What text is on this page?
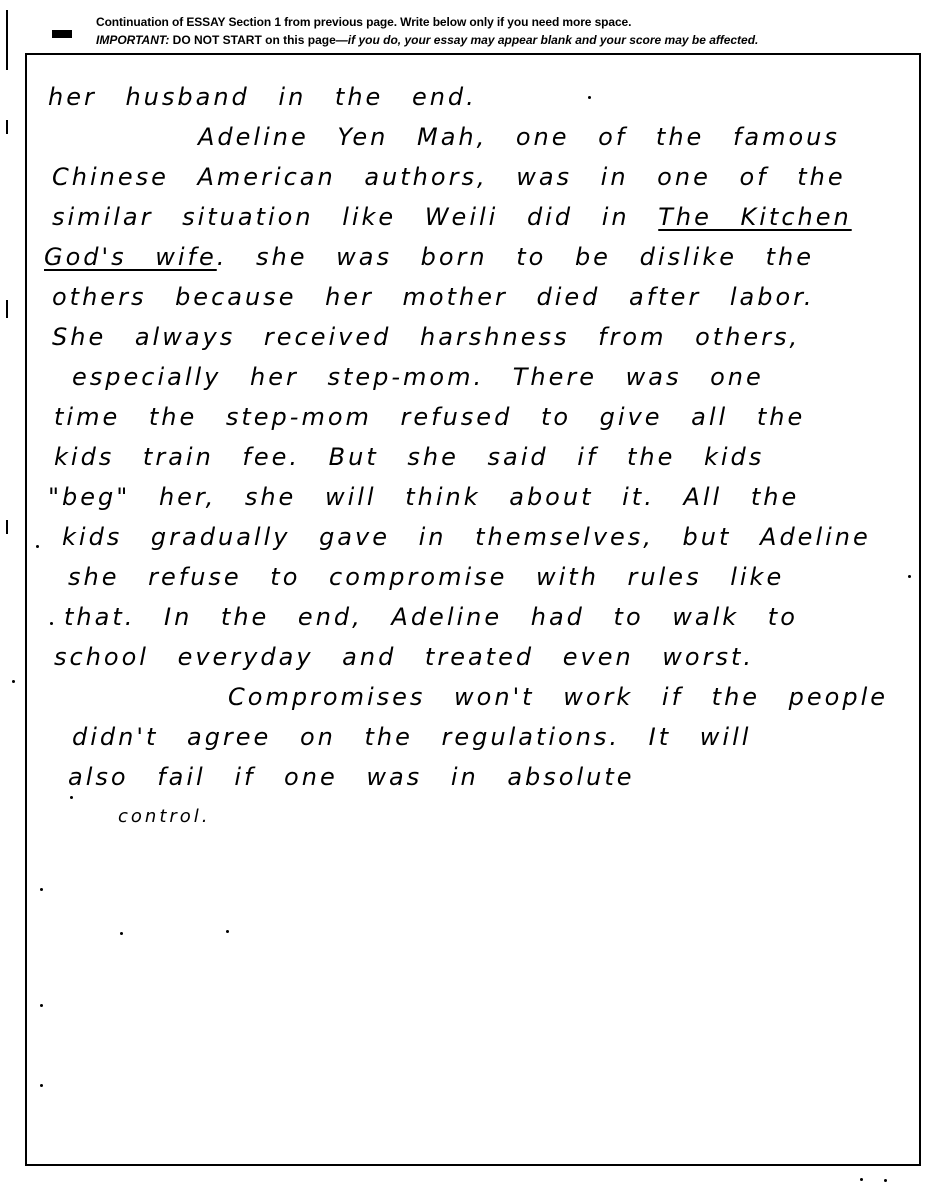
Continuation of ESSAY Section 1 from previous page. Write below only if you need more space.
IMPORTANT: DO NOT START on this page—if you do, your essay may appear blank and your score may be affected.
her husband in the end.
Adeline Yen Mah, one of the famous
Chinese American authors, was in one of the
similar situation like Weili did in The Kitchen
God's wife. she was born to be dislike the
others because her mother died after labor.
She always received harshness from others,
especially her step-mom. There was one
time the step-mom refused to give all the
kids train fee. But she said if the kids
"beg" her, she will think about it. All the
kids gradually gave in themselves, but Adeline
she refuse to compromise with rules like
that. In the end, Adeline had to walk to
school everyday and treated even worst.
Compromises won't work if the people
didn't agree on the regulations. It will
also fail if one was in absolute
control.
